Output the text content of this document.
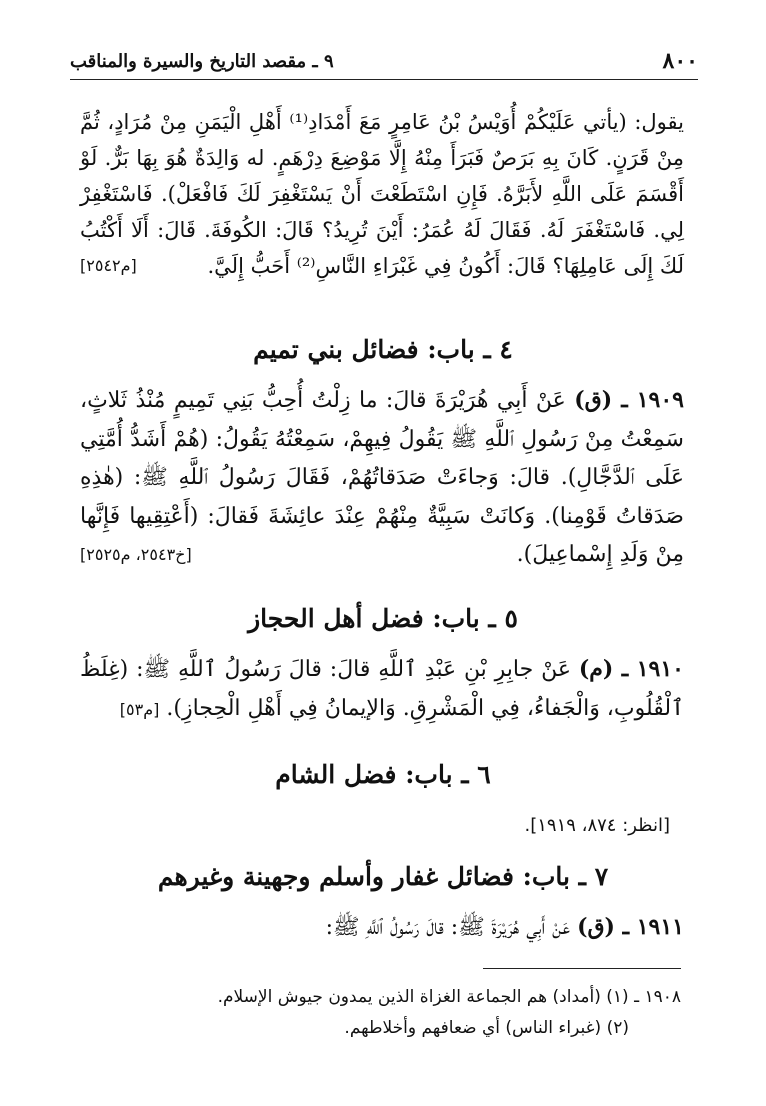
٨٠٠
٩ ـ مقصد التاريخ والسيرة والمناقب
يقول: (يأتي عَلَيْكُمْ أُوَيْسُ بْنُ عَامِرٍ مَعَ أَمْدَادِ⁽¹⁾ أَهْلِ الْيَمَنِ مِنْ مُرَادٍ، ثُمَّ مِنْ قَرَنٍ. كَانَ بِهِ بَرَصٌ فَبَرَأَ مِنْهُ إِلَّا مَوْضِعَ دِرْهَمٍ. له وَالِدَةٌ هُوَ بِهَا بَرٌّ. لَوْ أَقْسَمَ عَلَى اللَّهِ لأَبَرَّهُ. فَإِنِ اسْتَطَعْتَ أَنْ يَسْتَغْفِرَ لَكَ فَافْعَلْ). فَاسْتَغْفِرْ لِي. فَاسْتَغْفَرَ لَهُ. فَقَالَ لَهُ عُمَرُ: أَيْنَ تُرِيدُ؟ قَالَ: الكُوفَةَ. قَالَ: أَلَا أَكْتُبُ لَكَ إِلَى عَامِلِهَا؟ قَالَ: أَكُونُ فِي غَبْرَاءِ النَّاسِ⁽²⁾ أَحَبُّ إِلَيَّ.
[م٢٥٤٢]
٤ ـ باب: فضائل بني تميم
١٩٠٩ ـ (ق) عَنْ أَبِي هُرَيْرَةَ قالَ: ما زِلْتُ أُحِبُّ بَنِي تَمِيمٍ مُنْذُ ثَلاثٍ، سَمِعْتُ مِنْ رَسُولِ ٱللَّهِ ﷺ يَقُولُ فِيهِمْ، سَمِعْتُهُ يَقُولُ: (هُمْ أَشَدُّ أُمَّتِي عَلَى ٱلدَّجَّالِ). قالَ: وَجاءَتْ صَدَقاتُهُمْ، فَقَالَ رَسُولُ ٱللَّهِ ﷺ: (هٰذِهِ صَدَقاتُ قَوْمِنا). وَكانَتْ سَبِيَّةٌ مِنْهُمْ عِنْدَ عائِشَةَ فَقالَ: (أَعْتِقِيها فَإِنَّها مِنْ وَلَدِ إِسْماعِيلَ).
[خ٢٥٤٣، م٢٥٢٥]
٥ ـ باب: فضل أهل الحجاز
١٩١٠ ـ (م) عَنْ جابِرِ بْنِ عَبْدِ ٱللَّهِ قالَ: قالَ رَسُولُ ٱللَّهِ ﷺ: (غِلَظُ ٱلْقُلُوبِ، وَالْجَفاءُ، فِي الْمَشْرِقِ. وَالإيمانُ فِي أَهْلِ الْحِجازِ). [م٥٣]
٦ ـ باب: فضل الشام
[انظر: ٨٧٤، ١٩١٩].
٧ ـ باب: فضائل غفار وأسلم وجهينة وغيرهم
١٩١١ ـ (ق) عَنْ أَبِي هُرَيْرَةَ ﷺ: قالَ رَسُولُ ٱللَّهِ ﷺ:
١٩٠٨ ـ (١) (أمداد) هم الجماعة الغزاة الذين يمدون جيوش الإسلام.
(٢) (غبراء الناس) أي ضعافهم وأخلاطهم.
